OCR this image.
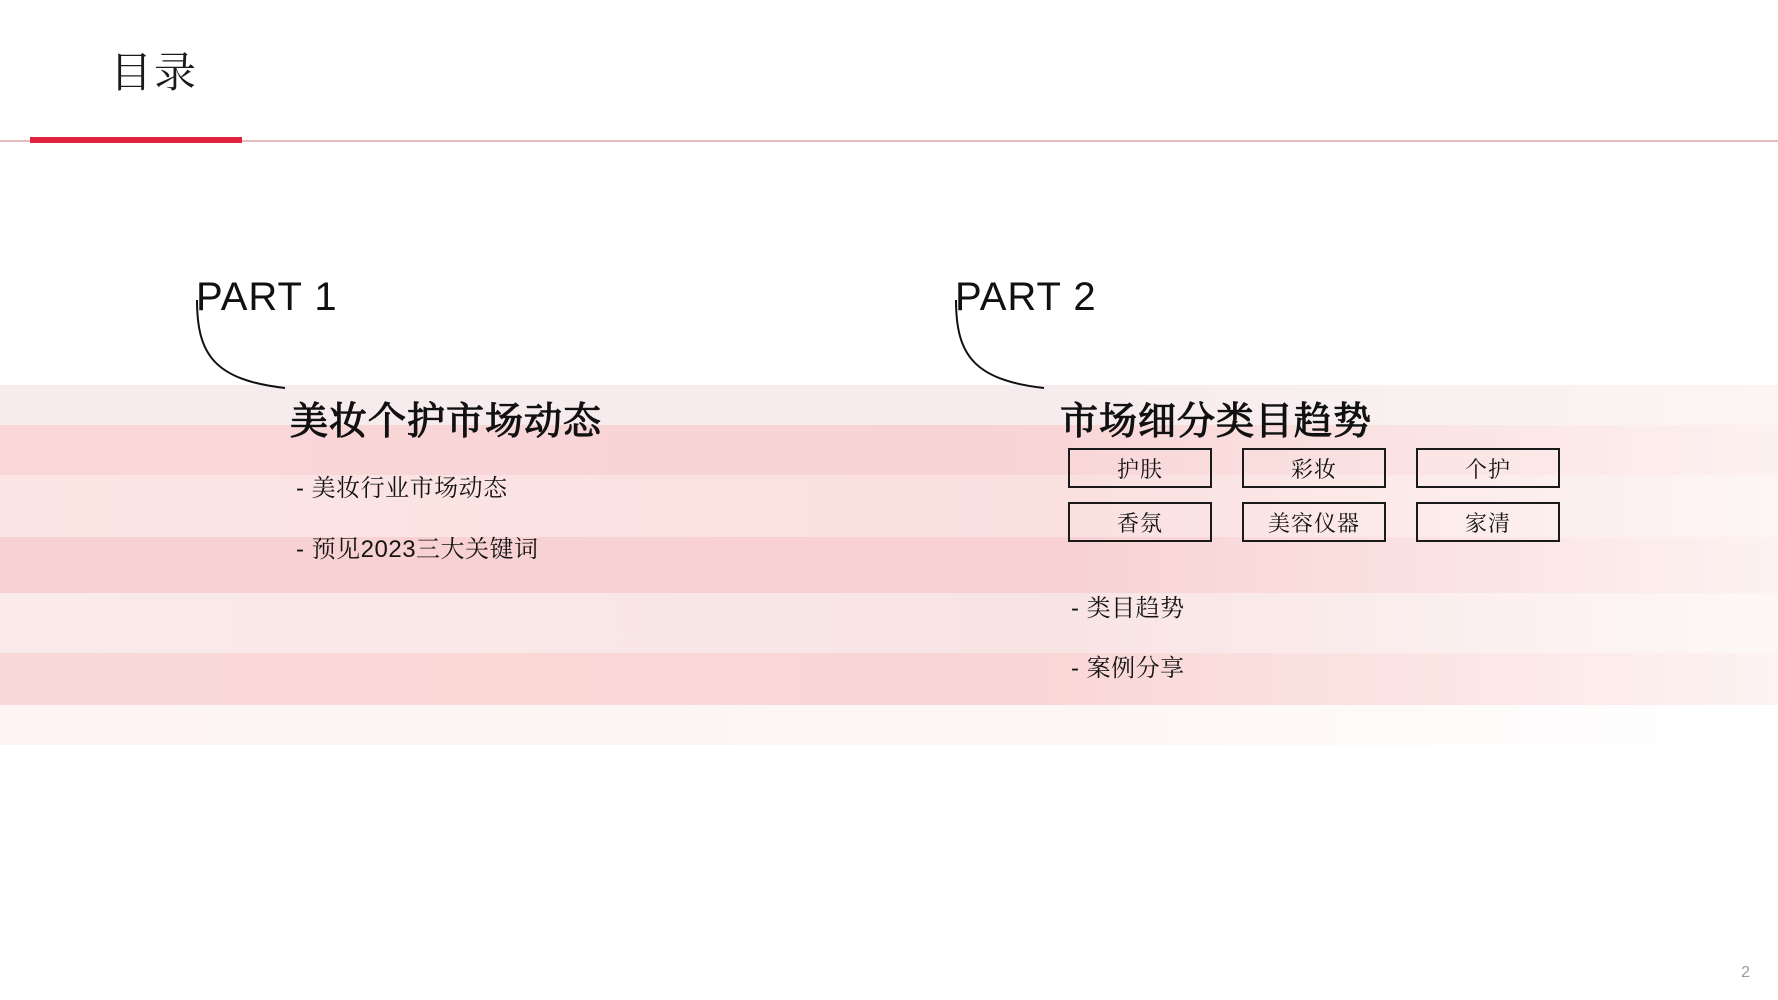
目录
PART 1
美妆个护市场动态
- 美妆行业市场动态
- 预见2023三大关键词
PART 2
市场细分类目趋势
护肤	彩妆	个护
香氛	美容仪器	家清
- 类目趋势
- 案例分享
2
